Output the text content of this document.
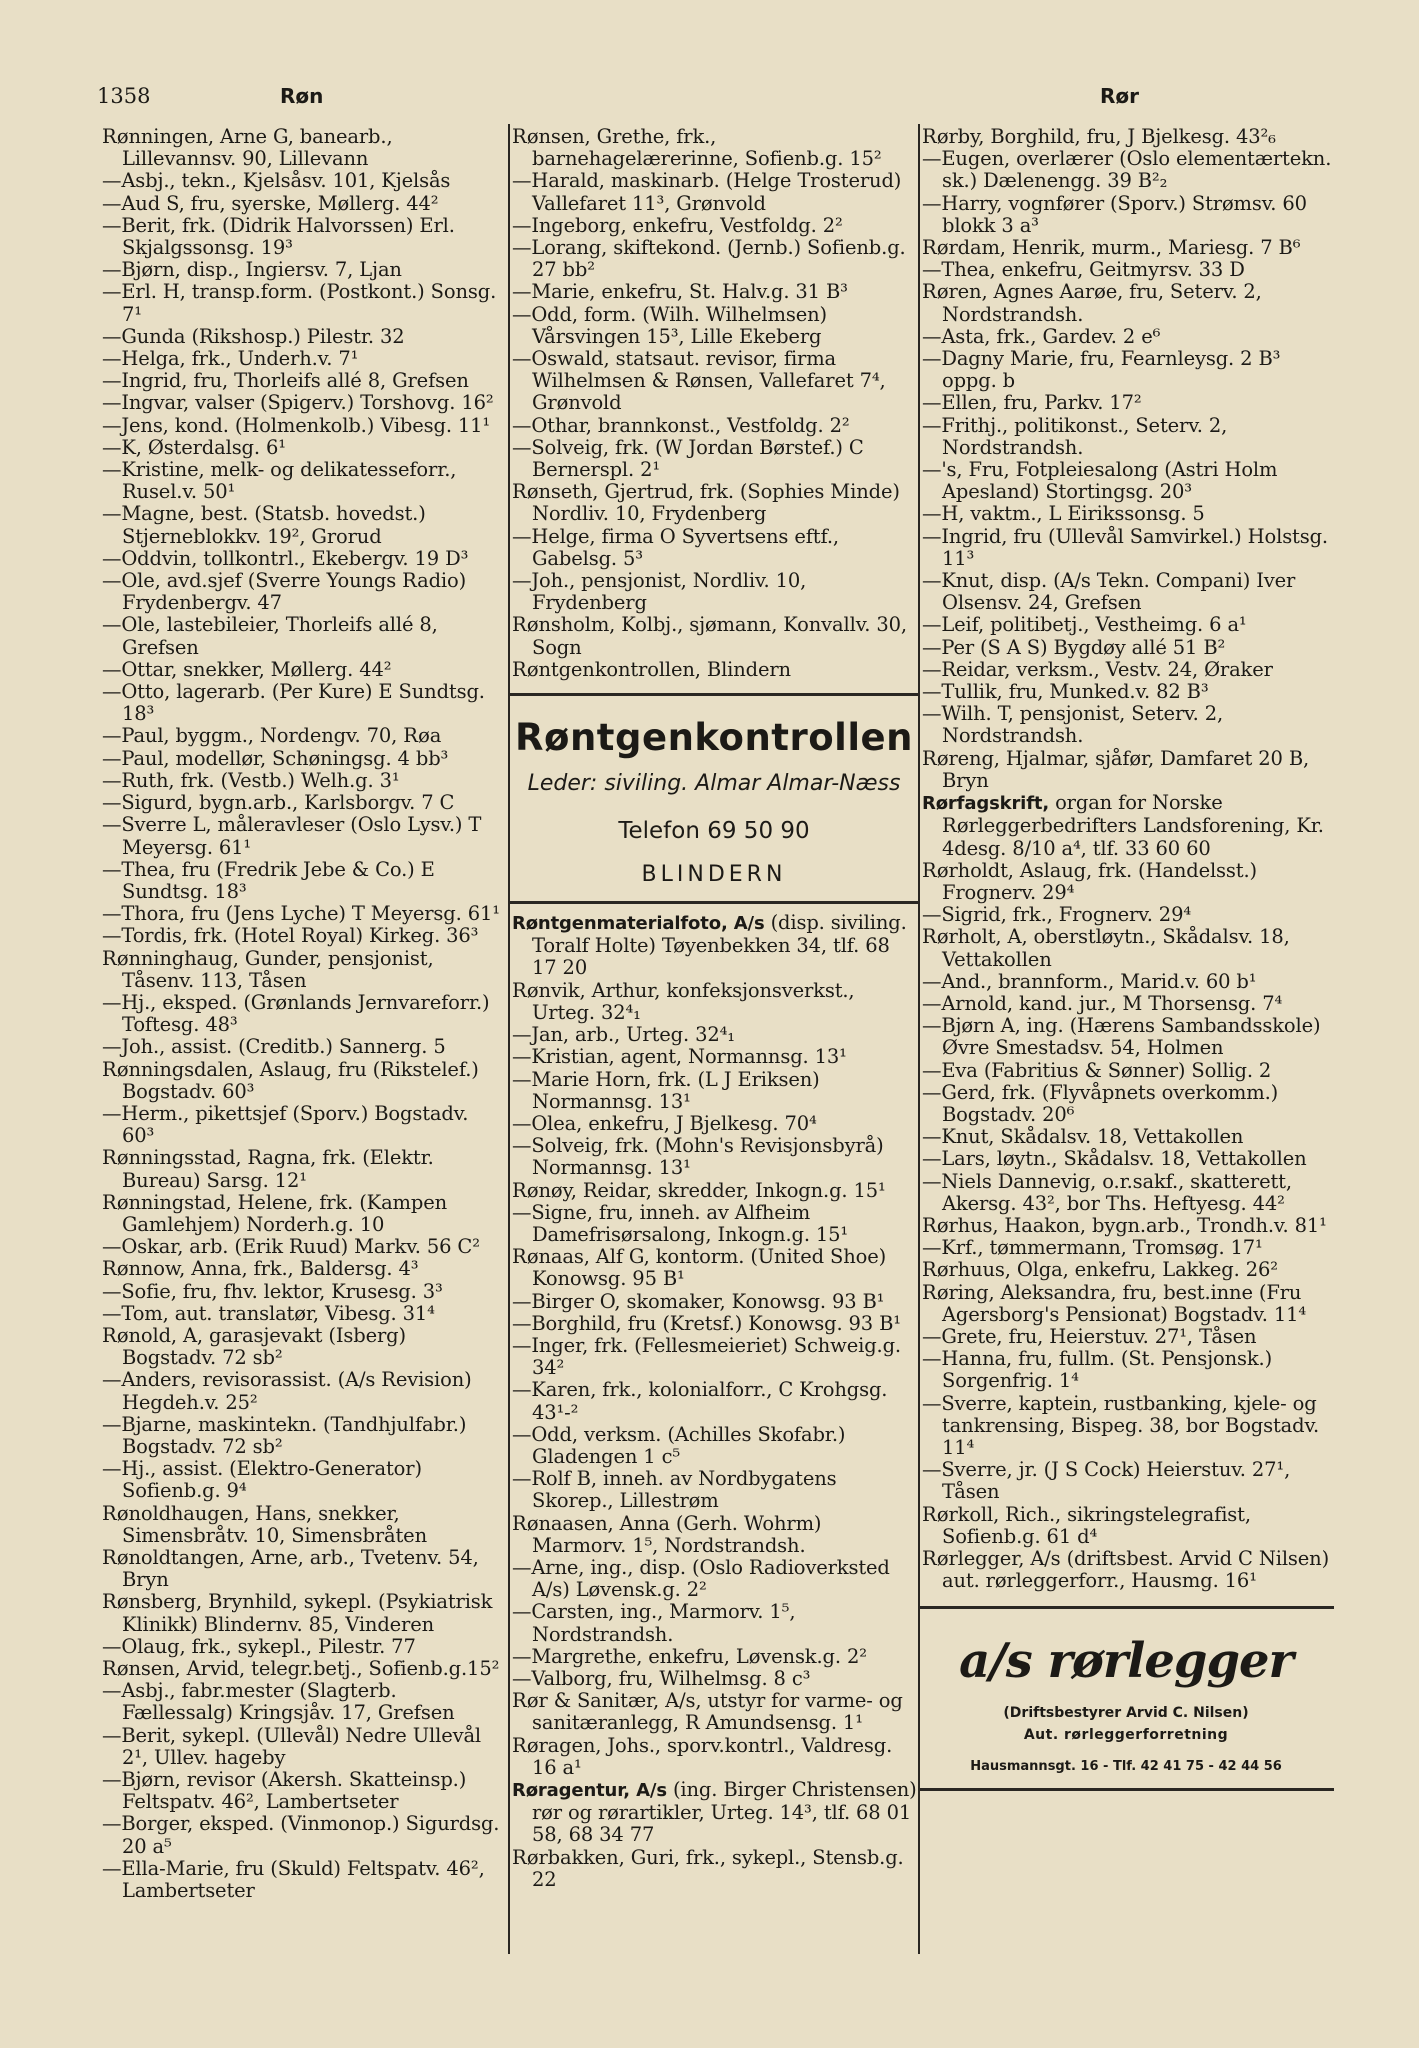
1358	Røn	Rør

Rønningen, Arne G, banearb., Lillevannsv. 90, Lillevann

—Asbj., tekn., Kjelsåsv. 101, Kjelsås

—Aud S, fru, syerske, Møllerg. 44²

—Berit, frk. (Didrik Halvorssen) Erl. Skjalgssonsg. 19³

—Bjørn, disp., Ingiersv. 7, Ljan

—Erl. H, transp.form. (Postkont.) Sonsg. 7¹

—Gunda (Rikshosp.) Pilestr. 32

—Helga, frk., Underh.v. 7¹

—Ingrid, fru, Thorleifs allé 8, Grefsen

—Ingvar, valser (Spigerv.) Torshovg. 16²

—Jens, kond. (Holmenkolb.) Vibesg. 11¹

—K, Østerdalsg. 6¹

—Kristine, melk- og delikatesseforr., Rusel.v. 50¹

—Magne, best. (Statsb. hovedst.) Stjerneblokkv. 19², Grorud

—Oddvin, tollkontrl., Ekebergv. 19 D³

—Ole, avd.sjef (Sverre Youngs Radio) Frydenbergv. 47

—Ole, lastebileier, Thorleifs allé 8, Grefsen

—Ottar, snekker, Møllerg. 44²

—Otto, lagerarb. (Per Kure) E Sundtsg. 18³

—Paul, byggm., Nordengv. 70, Røa

—Paul, modellør, Schøningsg. 4 bb³

—Ruth, frk. (Vestb.) Welh.g. 3¹

—Sigurd, bygn.arb., Karlsborgv. 7 C

—Sverre L, måleravleser (Oslo Lysv.) T Meyersg. 61¹

—Thea, fru (Fredrik Jebe & Co.) E Sundtsg. 18³

—Thora, fru (Jens Lyche) T Meyersg. 61¹

—Tordis, frk. (Hotel Royal) Kirkeg. 36³

Rønninghaug, Gunder, pensjonist, Tåsenv. 113, Tåsen

—Hj., eksped. (Grønlands Jernvareforr.) Toftesg. 48³

—Joh., assist. (Creditb.) Sannerg. 5

Rønningsdalen, Aslaug, fru (Rikstelef.) Bogstadv. 60³

—Herm., pikettsjef (Sporv.) Bogstadv. 60³

Rønningsstad, Ragna, frk. (Elektr. Bureau) Sarsg. 12¹

Rønningstad, Helene, frk. (Kampen Gamlehjem) Norderh.g. 10

—Oskar, arb. (Erik Ruud) Markv. 56 C²

Rønnow, Anna, frk., Baldersg. 4³

—Sofie, fru, fhv. lektor, Krusesg. 3³

—Tom, aut. translatør, Vibesg. 31⁴

Rønold, A, garasjevakt (Isberg) Bogstadv. 72 sb²

—Anders, revisorassist. (A/s Revision) Hegdeh.v. 25²

—Bjarne, maskintekn. (Tandhjulfabr.) Bogstadv. 72 sb²

—Hj., assist. (Elektro-Generator) Sofienb.g. 9⁴

Rønoldhaugen, Hans, snekker, Simensbråtv. 10, Simensbråten

Rønoldtangen, Arne, arb., Tvetenv. 54, Bryn

Rønsberg, Brynhild, sykepl. (Psykiatrisk Klinikk) Blindernv. 85, Vinderen

—Olaug, frk., sykepl., Pilestr. 77

Rønsen, Arvid, telegr.betj., Sofienb.g.15²

—Asbj., fabr.mester (Slagterb. Fællessalg) Kringsjåv. 17, Grefsen

—Berit, sykepl. (Ullevål) Nedre Ullevål 2¹, Ullev. hageby

—Bjørn, revisor (Akersh. Skatteinsp.) Feltspatv. 46², Lambertseter

—Borger, eksped. (Vinmonop.) Sigurdsg. 20 a⁵

—Ella-Marie, fru (Skuld) Feltspatv. 46², Lambertseter

Rønsen, Grethe, frk., barnehagelærerinne, Sofienb.g. 15²

—Harald, maskinarb. (Helge Trosterud) Vallefaret 11³, Grønvold

—Ingeborg, enkefru, Vestfoldg. 2²

—Lorang, skiftekond. (Jernb.) Sofienb.g. 27 bb²

—Marie, enkefru, St. Halv.g. 31 B³

—Odd, form. (Wilh. Wilhelmsen) Vårsvingen 15³, Lille Ekeberg

—Oswald, statsaut. revisor, firma Wilhelmsen & Rønsen, Vallefaret 7⁴, Grønvold

—Othar, brannkonst., Vestfoldg. 2²

—Solveig, frk. (W Jordan Børstef.) C Bernerspl. 2¹

Rønseth, Gjertrud, frk. (Sophies Minde) Nordliv. 10, Frydenberg

—Helge, firma O Syvertsens eftf., Gabelsg. 5³

—Joh., pensjonist, Nordliv. 10, Frydenberg

Rønsholm, Kolbj., sjømann, Konvallv. 30, Sogn

Røntgenkontrollen, Blindern

Røntgenkontrollen
Leder: siviling. Almar Almar-Næss
Telefon 69 50 90
BLINDERN

Røntgenmaterialfoto, A/s (disp. siviling. Toralf Holte) Tøyenbekken 34, tlf. 68 17 20

Rønvik, Arthur, konfeksjonsverkst., Urteg. 32⁴₁

—Jan, arb., Urteg. 32⁴₁

—Kristian, agent, Normannsg. 13¹

—Marie Horn, frk. (L J Eriksen) Normannsg. 13¹

—Olea, enkefru, J Bjelkesg. 70⁴

—Solveig, frk. (Mohn's Revisjonsbyrå) Normannsg. 13¹

Rønøy, Reidar, skredder, Inkogn.g. 15¹

—Signe, fru, inneh. av Alfheim Damefrisørsalong, Inkogn.g. 15¹

Rønaas, Alf G, kontorm. (United Shoe) Konowsg. 95 B¹

—Birger O, skomaker, Konowsg. 93 B¹

—Borghild, fru (Kretsf.) Konowsg. 93 B¹

—Inger, frk. (Fellesmeieriet) Schweig.g. 34²

—Karen, frk., kolonialforr., C Krohgsg. 43¹-²

—Odd, verksm. (Achilles Skofabr.) Gladengen 1 c⁵

—Rolf B, inneh. av Nordbygatens Skorep., Lillestrøm

Rønaasen, Anna (Gerh. Wohrm) Marmorv. 1⁵, Nordstrandsh.

—Arne, ing., disp. (Oslo Radioverksted A/s) Løvensk.g. 2²

—Carsten, ing., Marmorv. 1⁵, Nordstrandsh.

—Margrethe, enkefru, Løvensk.g. 2²

—Valborg, fru, Wilhelmsg. 8 c³

Rør & Sanitær, A/s, utstyr for varme- og sanitæranlegg, R Amundsensg. 1¹

Røragen, Johs., sporv.kontrl., Valdresg. 16 a¹

Røragentur, A/s (ing. Birger Christensen) rør og rørartikler, Urteg. 14³, tlf. 68 01 58, 68 34 77

Rørbakken, Guri, frk., sykepl., Stensb.g. 22

Rørby, Borghild, fru, J Bjelkesg. 43²₆

—Eugen, overlærer (Oslo elementærtekn. sk.) Dælenengg. 39 B²₂

—Harry, vognfører (Sporv.) Strømsv. 60 blokk 3 a³

Rørdam, Henrik, murm., Mariesg. 7 B⁶

—Thea, enkefru, Geitmyrsv. 33 D

Røren, Agnes Aarøe, fru, Seterv. 2, Nordstrandsh.

—Asta, frk., Gardev. 2 e⁶

—Dagny Marie, fru, Fearnleysg. 2 B³ oppg. b

—Ellen, fru, Parkv. 17²

—Frithj., politikonst., Seterv. 2, Nordstrandsh.

—'s, Fru, Fotpleiesalong (Astri Holm Apesland) Stortingsg. 20³

—H, vaktm., L Eirikssonsg. 5

—Ingrid, fru (Ullevål Samvirkel.) Holstsg. 11³

—Knut, disp. (A/s Tekn. Compani) Iver Olsensv. 24, Grefsen

—Leif, politibetj., Vestheimg. 6 a¹

—Per (S A S) Bygdøy allé 51 B²

—Reidar, verksm., Vestv. 24, Øraker

—Tullik, fru, Munked.v. 82 B³

—Wilh. T, pensjonist, Seterv. 2, Nordstrandsh.

Røreng, Hjalmar, sjåfør, Damfaret 20 B, Bryn

Rørfagskrift, organ for Norske Rørleggerbedrifters Landsforening, Kr. 4desg. 8/10 a⁴, tlf. 33 60 60

Rørholdt, Aslaug, frk. (Handelsst.) Frognerv. 29⁴

—Sigrid, frk., Frognerv. 29⁴

Rørholt, A, oberstløytn., Skådalsv. 18, Vettakollen

—And., brannform., Marid.v. 60 b¹

—Arnold, kand. jur., M Thorsensg. 7⁴

—Bjørn A, ing. (Hærens Sambandsskole) Øvre Smestadsv. 54, Holmen

—Eva (Fabritius & Sønner) Sollig. 2

—Gerd, frk. (Flyvåpnets overkomm.) Bogstadv. 20⁶

—Knut, Skådalsv. 18, Vettakollen

—Lars, løytn., Skådalsv. 18, Vettakollen

—Niels Dannevig, o.r.sakf., skatterett, Akersg. 43², bor Ths. Heftyesg. 44²

Rørhus, Haakon, bygn.arb., Trondh.v. 81¹

—Krf., tømmermann, Tromsøg. 17¹

Rørhuus, Olga, enkefru, Lakkeg. 26²

Røring, Aleksandra, fru, best.inne (Fru Agersborg's Pensionat) Bogstadv. 11⁴

—Grete, fru, Heierstuv. 27¹, Tåsen

—Hanna, fru, fullm. (St. Pensjonsk.) Sorgenfrig. 1⁴

—Sverre, kaptein, rustbanking, kjele- og tankrensing, Bispeg. 38, bor Bogstadv. 11⁴

—Sverre, jr. (J S Cock) Heierstuv. 27¹, Tåsen

Rørkoll, Rich., sikringstelegrafist, Sofienb.g. 61 d⁴

Rørlegger, A/s (driftsbest. Arvid C Nilsen) aut. rørleggerforr., Hausmg. 16¹

a/s rørlegger
(Driftsbestyrer Arvid C. Nilsen)
Aut. rørleggerforretning
Hausmannsgt. 16 - Tlf. 42 41 75 - 42 44 56
